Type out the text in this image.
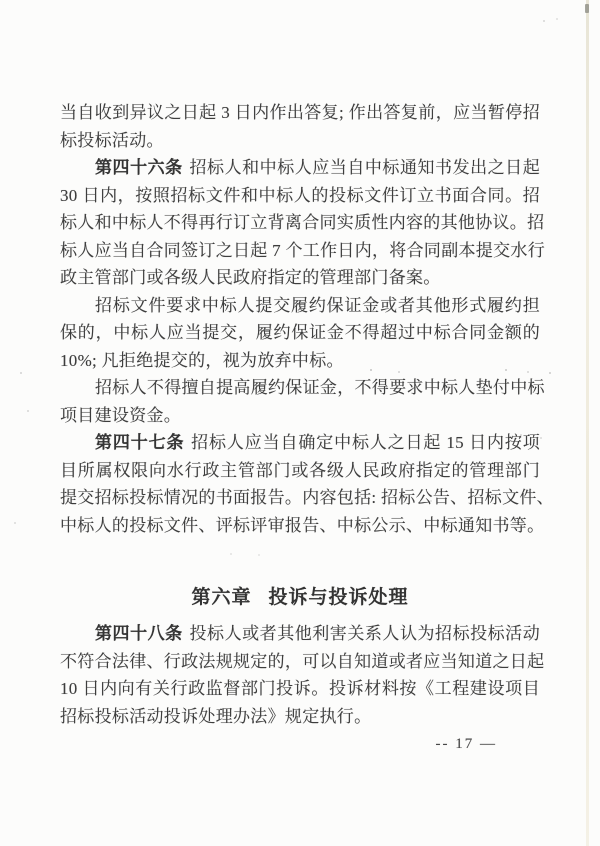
当自收到异议之日起 3 日内作出答复; 作出答复前，应当暂停招
标投标活动。
第四十六条 招标人和中标人应当自中标通知书发出之日起
30 日内，按照招标文件和中标人的投标文件订立书面合同。招
标人和中标人不得再行订立背离合同实质性内容的其他协议。招
标人应当自合同签订之日起 7 个工作日内，将合同副本提交水行
政主管部门或各级人民政府指定的管理部门备案。
招标文件要求中标人提交履约保证金或者其他形式履约担
保的，中标人应当提交，履约保证金不得超过中标合同金额的
10%; 凡拒绝提交的，视为放弃中标。
招标人不得擅自提高履约保证金，不得要求中标人垫付中标
项目建设资金。
第四十七条 招标人应当自确定中标人之日起 15 日内按项
目所属权限向水行政主管部门或各级人民政府指定的管理部门
提交招标投标情况的书面报告。内容包括: 招标公告、招标文件、
中标人的投标文件、评标评审报告、中标公示、中标通知书等。
第六章 投诉与投诉处理
第四十八条 投标人或者其他利害关系人认为招标投标活动
不符合法律、行政法规规定的，可以自知道或者应当知道之日起
10 日内向有关行政监督部门投诉。投诉材料按《工程建设项目
招标投标活动投诉处理办法》规定执行。
-- 17 —
